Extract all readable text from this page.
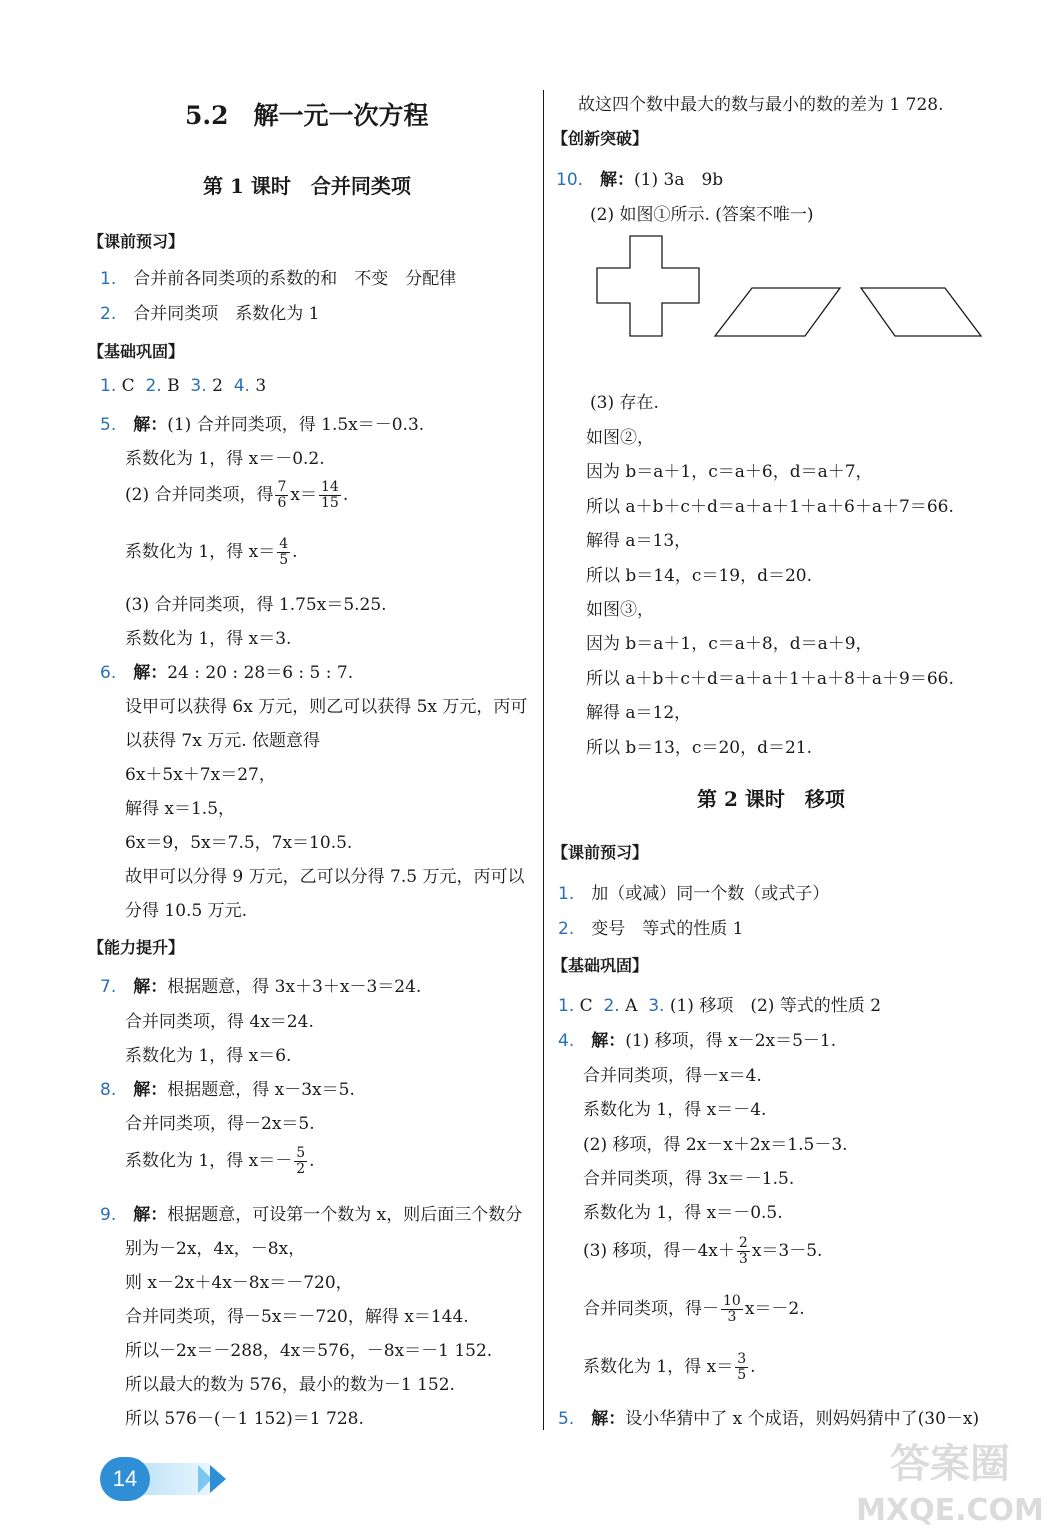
5.2　解一元一次方程
第 1 课时　合并同类项
【课前预习】
1.　 合并前各同类项的系数的和　不变　分配律
2.　 合并同类项　系数化为 1
【基础巩固】
1. C 2. B 3. 2 4. 3
5.　 解：(1) 合并同类项，得 1.5x＝－0.3.
系数化为 1，得 x＝－0.2.
(2) 合并同类项，得 $\frac{7}{6} x= \frac{14}{15}$ .
系数化为 1，得 $x= \frac{4}{5}$ .
(3) 合并同类项，得 1.75x＝5.25.
系数化为 1，得 x＝3.
6.　 解：24 : 20 : 28＝6 : 5 : 7.
设甲可以获得 6x 万元，则乙可以获得 5x 万元，丙可
以获得 7x 万元. 依题意得
6x＋5x＋7x＝27，
解得 x＝1.5，
6x＝9，5x＝7.5，7x＝10.5.
故甲可以分得 9 万元，乙可以分得 7.5 万元，丙可以
分得 10.5 万元.
【能力提升】
7.　 解：根据题意，得 3x＋3＋x－3＝24.
合并同类项，得 4x＝24.
系数化为 1，得 x＝6.
8.　 解：根据题意，得 x－3x＝5.
合并同类项，得－2x＝5.
系数化为 1，得 $x=- \frac{5}{2}$ .
9.　 解：根据题意，可设第一个数为 x，则后面三个数分
别为－2x，4x，－8x，
则 x－2x＋4x－8x＝－720，
合并同类项，得－5x＝－720，解得 x＝144.
所以－2x＝－288，4x＝576，－8x＝－1 152.
所以最大的数为 576，最小的数为－1 152.
所以 576－(－1 152)＝1 728.
故这四个数中最大的数与最小的数的差为 1 728.
【创新突破】
10.　 解：(1) 3a　9b
(2) 如图①所示. (答案不唯一)
(3) 存在.
如图②，
因为 b＝a＋1，c＝a＋6，d＝a＋7，
所以 a＋b＋c＋d＝a＋a＋1＋a＋6＋a＋7＝66.
解得 a＝13，
所以 b＝14，c＝19，d＝20.
如图③，
因为 b＝a＋1，c＝a＋8，d＝a＋9，
所以 a＋b＋c＋d＝a＋a＋1＋a＋8＋a＋9＝66.
解得 a＝12，
所以 b＝13，c＝20，d＝21.
第 2 课时　移项
【课前预习】
1.　 加（或减）同一个数（或式子）
2.　 变号　等式的性质 1
【基础巩固】
1. C 2. A 3. (1) 移项　(2) 等式的性质 2
4.　 解：(1) 移项，得 x－2x＝5－1.
合并同类项，得－x＝4.
系数化为 1，得 x＝－4.
(2) 移项，得 2x－x＋2x＝1.5－3.
合并同类项，得 3x＝－1.5.
系数化为 1，得 x＝－0.5.
(3) 移项，得$-4x+ \frac{2}{3} x=3-5$.
合并同类项，得－ $\frac{10}{3} x=-2$.
系数化为 1，得 $x= \frac{3}{5}$ .
5.　 解：设小华猜中了 x 个成语，则妈妈猜中了(30－x)
14	答案圈
MXQE.COM
